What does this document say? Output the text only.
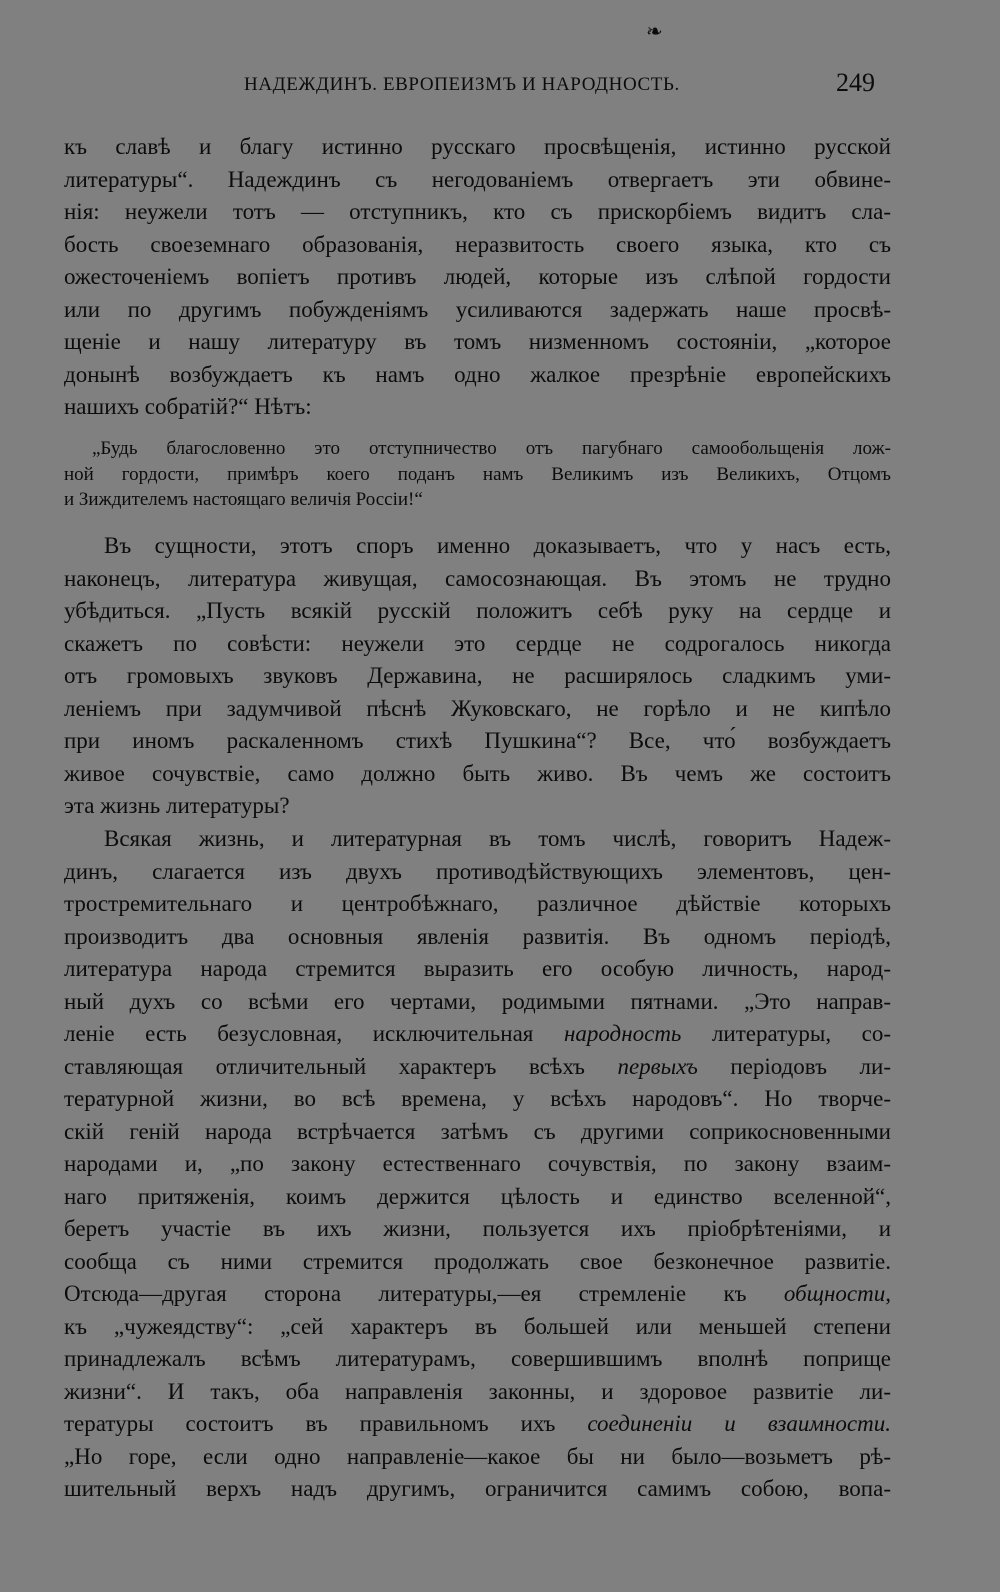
❧
НАДЕЖДИНЪ. ЕВРОПЕИЗМЪ И НАРОДНОСТЬ.	249
къ славѣ и благу истинно русскаго просвѣщенія, истинно русской
литературы“. Надеждинъ съ негодованіемъ отвергаетъ эти обвине-
нія: неужели тотъ — отступникъ, кто съ прискорбіемъ видитъ сла-
бость своеземнаго образованія, неразвитость своего языка, кто съ
ожесточеніемъ вопіетъ противъ людей, которые изъ слѣпой гордости
или по другимъ побужденіямъ усиливаются задержать наше просвѣ-
щеніе и нашу литературу въ томъ низменномъ состояніи, „которое
донынѣ возбуждаетъ къ намъ одно жалкое презрѣніе европейскихъ
нашихъ собратій?“ Нѣтъ:
„Будь благословенно это отступничество отъ пагубнаго самообольщенія лож-
ной гордости, примѣръ коего поданъ намъ Великимъ изъ Великихъ, Отцомъ
и Зиждителемъ настоящаго величія Россіи!“
Въ сущности, этотъ споръ именно доказываетъ, что у насъ есть,
наконецъ, литература живущая, самосознающая. Въ этомъ не трудно
убѣдиться. „Пусть всякій русскій положитъ себѣ руку на сердце и
скажетъ по совѣсти: неужели это сердце не содрогалось никогда
отъ громовыхъ звуковъ Державина, не расширялось сладкимъ уми-
леніемъ при задумчивой пѣснѣ Жуковскаго, не горѣло и не кипѣло
при иномъ раскаленномъ стихѣ Пушкина“? Все, что́ возбуждаетъ
живое сочувствіе, само должно быть живо. Въ чемъ же состоитъ
эта жизнь литературы?
Всякая жизнь, и литературная въ томъ числѣ, говоритъ Надеж-
динъ, слагается изъ двухъ противодѣйствующихъ элементовъ, цен-
тростремительнаго и центробѣжнаго, различное дѣйствіе которыхъ
производитъ два основныя явленія развитія. Въ одномъ періодѣ,
литература народа стремится выразить его особую личность, народ-
ный духъ со всѣми его чертами, родимыми пятнами. „Это направ-
леніе есть безусловная, исключительная народность литературы, со-
ставляющая отличительный характеръ всѣхъ первыхъ періодовъ ли-
тературной жизни, во всѣ времена, у всѣхъ народовъ“. Но творче-
скій геній народа встрѣчается затѣмъ съ другими соприкосновенными
народами и, „по закону естественнаго сочувствія, по закону взаим-
наго притяженія, коимъ держится цѣлость и единство вселенной“,
беретъ участіе въ ихъ жизни, пользуется ихъ пріобрѣтеніями, и
сообща съ ними стремится продолжать свое безконечное развитіе.
Отсюда—другая сторона литературы,—ея стремленіе къ общности,
къ „чужеядству“: „сей характеръ въ большей или меньшей степени
принадлежалъ всѣмъ литературамъ, совершившимъ вполнѣ поприще
жизни“. И такъ, оба направленія законны, и здоровое развитіе ли-
тературы состоитъ въ правильномъ ихъ соединеніи и взаимности.
„Но горе, если одно направленіе—какое бы ни было—возьметъ рѣ-
шительный верхъ надъ другимъ, ограничится самимъ собою, вопа-
